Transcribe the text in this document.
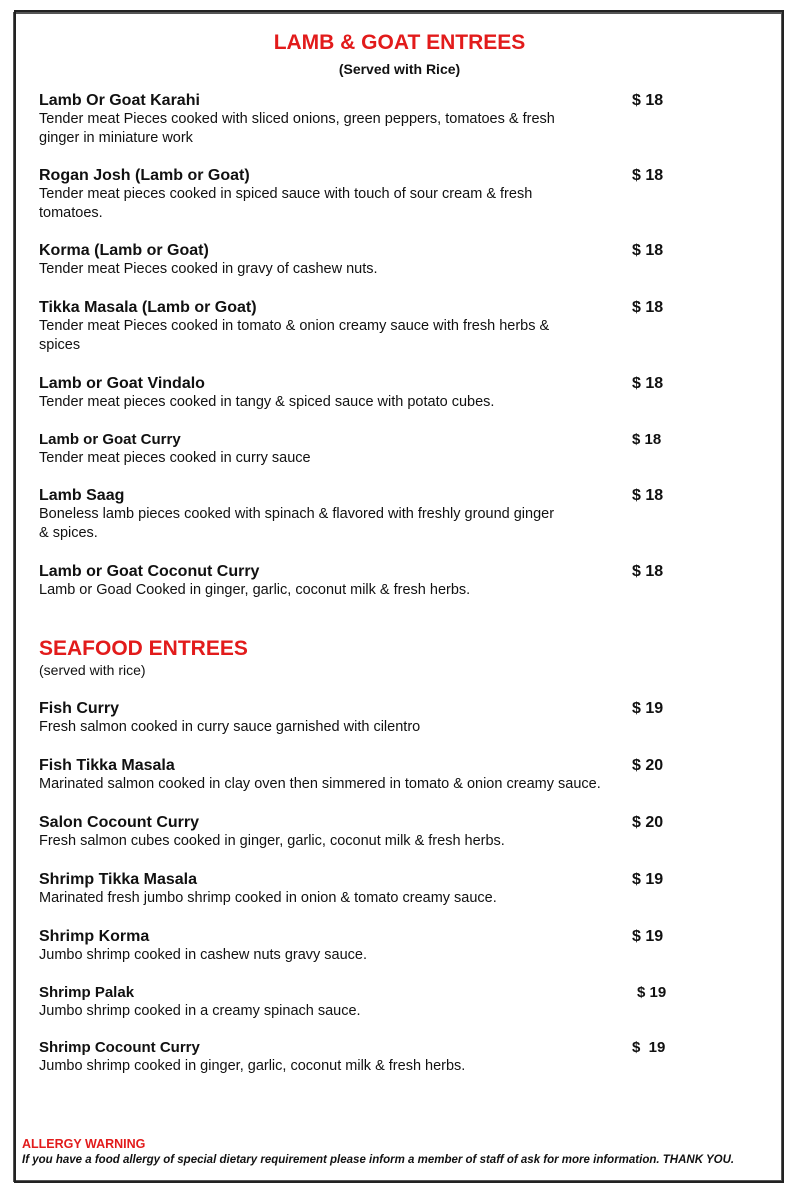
LAMB & GOAT ENTREES
(Served with Rice)
Lamb Or Goat Karahi	$ 18
Tender meat Pieces cooked with sliced onions, green peppers, tomatoes & fresh ginger in miniature work
Rogan Josh (Lamb or Goat)	$ 18
Tender meat pieces cooked in spiced sauce with touch of sour cream & fresh tomatoes.
Korma (Lamb or Goat)	$ 18
Tender meat Pieces cooked in gravy of cashew nuts.
Tikka Masala (Lamb or Goat)	$ 18
Tender meat Pieces cooked in tomato & onion creamy sauce with fresh herbs & spices
Lamb or Goat Vindalo	$ 18
Tender meat pieces cooked in tangy & spiced sauce with potato cubes.
Lamb or Goat Curry	$ 18
Tender meat pieces cooked in curry sauce
Lamb Saag	$ 18
Boneless lamb pieces cooked with spinach & flavored with freshly ground ginger & spices.
Lamb or Goat Coconut Curry	$ 18
Lamb or Goad Cooked in ginger, garlic, coconut milk & fresh herbs.
SEAFOOD ENTREES
(served with rice)
Fish Curry	$ 19
Fresh salmon cooked in curry sauce garnished with cilentro
Fish Tikka Masala	$ 20
Marinated salmon cooked in clay oven then simmered in tomato & onion creamy sauce.
Salon Cocount Curry	$ 20
Fresh salmon cubes cooked in ginger, garlic, coconut milk & fresh herbs.
Shrimp Tikka Masala	$ 19
Marinated fresh jumbo shrimp cooked in onion & tomato creamy sauce.
Shrimp Korma	$ 19
Jumbo shrimp cooked in cashew nuts gravy sauce.
Shrimp Palak	$ 19
Jumbo shrimp cooked in a creamy spinach sauce.
Shrimp Cocount Curry	$  19
Jumbo shrimp cooked in ginger, garlic, coconut milk & fresh herbs.
ALLERGY WARNING
If you have a food allergy of special dietary requirement please inform a member of staff of ask for more information. THANK YOU.
